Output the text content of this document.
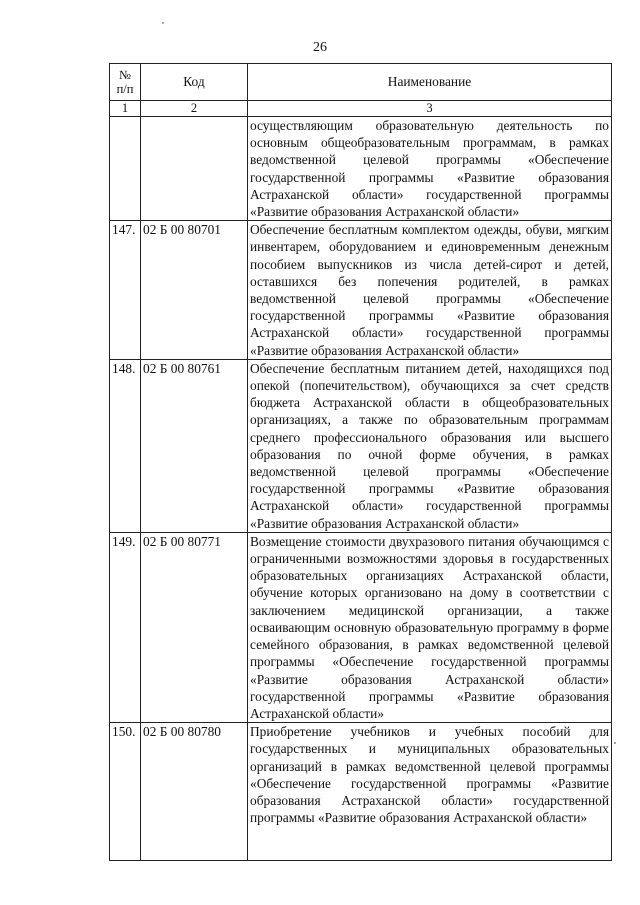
26
№
п/п	Код	Наименование
1	2	3
		осуществляющим образовательную деятельность по основным общеобразовательным программам, в рамках ведомственной целевой программы «Обеспечение государственной программы «Развитие образования Астраханской области» государственной программы «Развитие образования Астраханской области»
147.	02 Б 00 80701	Обеспечение бесплатным комплектом одежды, обуви, мягким инвентарем, оборудованием и единовременным денежным пособием выпускников из числа детей-сирот и детей, оставшихся без попечения родителей, в рамках ведомственной целевой программы «Обеспечение государственной программы «Развитие образования Астраханской области» государственной программы «Развитие образования Астраханской области»
148.	02 Б 00 80761	Обеспечение бесплатным питанием детей, находящихся под опекой (попечительством), обучающихся за счет средств бюджета Астраханской области в общеобразовательных организациях, а также по образовательным программам среднего профессионального образования или высшего образования по очной форме обучения, в рамках ведомственной целевой программы «Обеспечение государственной программы «Развитие образования Астраханской области» государственной программы «Развитие образования Астраханской области»
149.	02 Б 00 80771	Возмещение стоимости двухразового питания обучающимся с ограниченными возможностями здоровья в государственных образовательных организациях Астраханской области, обучение которых организовано на дому в соответствии с заключением медицинской организации, а также осваивающим основную образовательную программу в форме семейного образования, в рамках ведомственной целевой программы «Обеспечение государственной программы «Развитие образования Астраханской области» государственной программы «Развитие образования Астраханской области»
150.	02 Б 00 80780	Приобретение учебников и учебных пособий для государственных и муниципальных образовательных организаций в рамках ведомственной целевой программы «Обеспечение государственной программы «Развитие образования Астраханской области» государственной программы «Развитие образования Астраханской области»
